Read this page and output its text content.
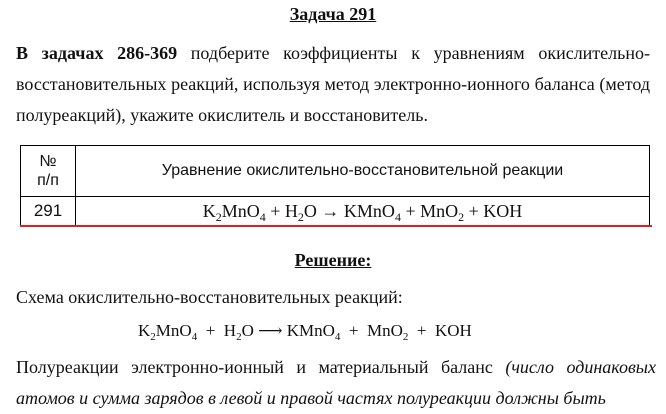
Задача 291
В задачах 286-369 подберите коэффициенты к уравнениям окислительно-восстановительных реакций, используя метод электронно-ионного баланса (метод полуреакций), укажите окислитель и восстановитель.
№
п/п	Уравнение окислительно-восстановительной реакции
291	$K_2MnO_4 + H_2O$ → KMnO$_4$ + MnO$_2$ + KOH
Решение:
Схема окислительно-восстановительных реакций:
$K_2MnO_4 + H_2O$ ⟶ KMnO$_4$  +  MnO$_2$  +  KOH
Полуреакции электронно-ионный и материальный баланс (число одинаковых атомов и сумма зарядов в левой и правой частях полуреакции должны быть
